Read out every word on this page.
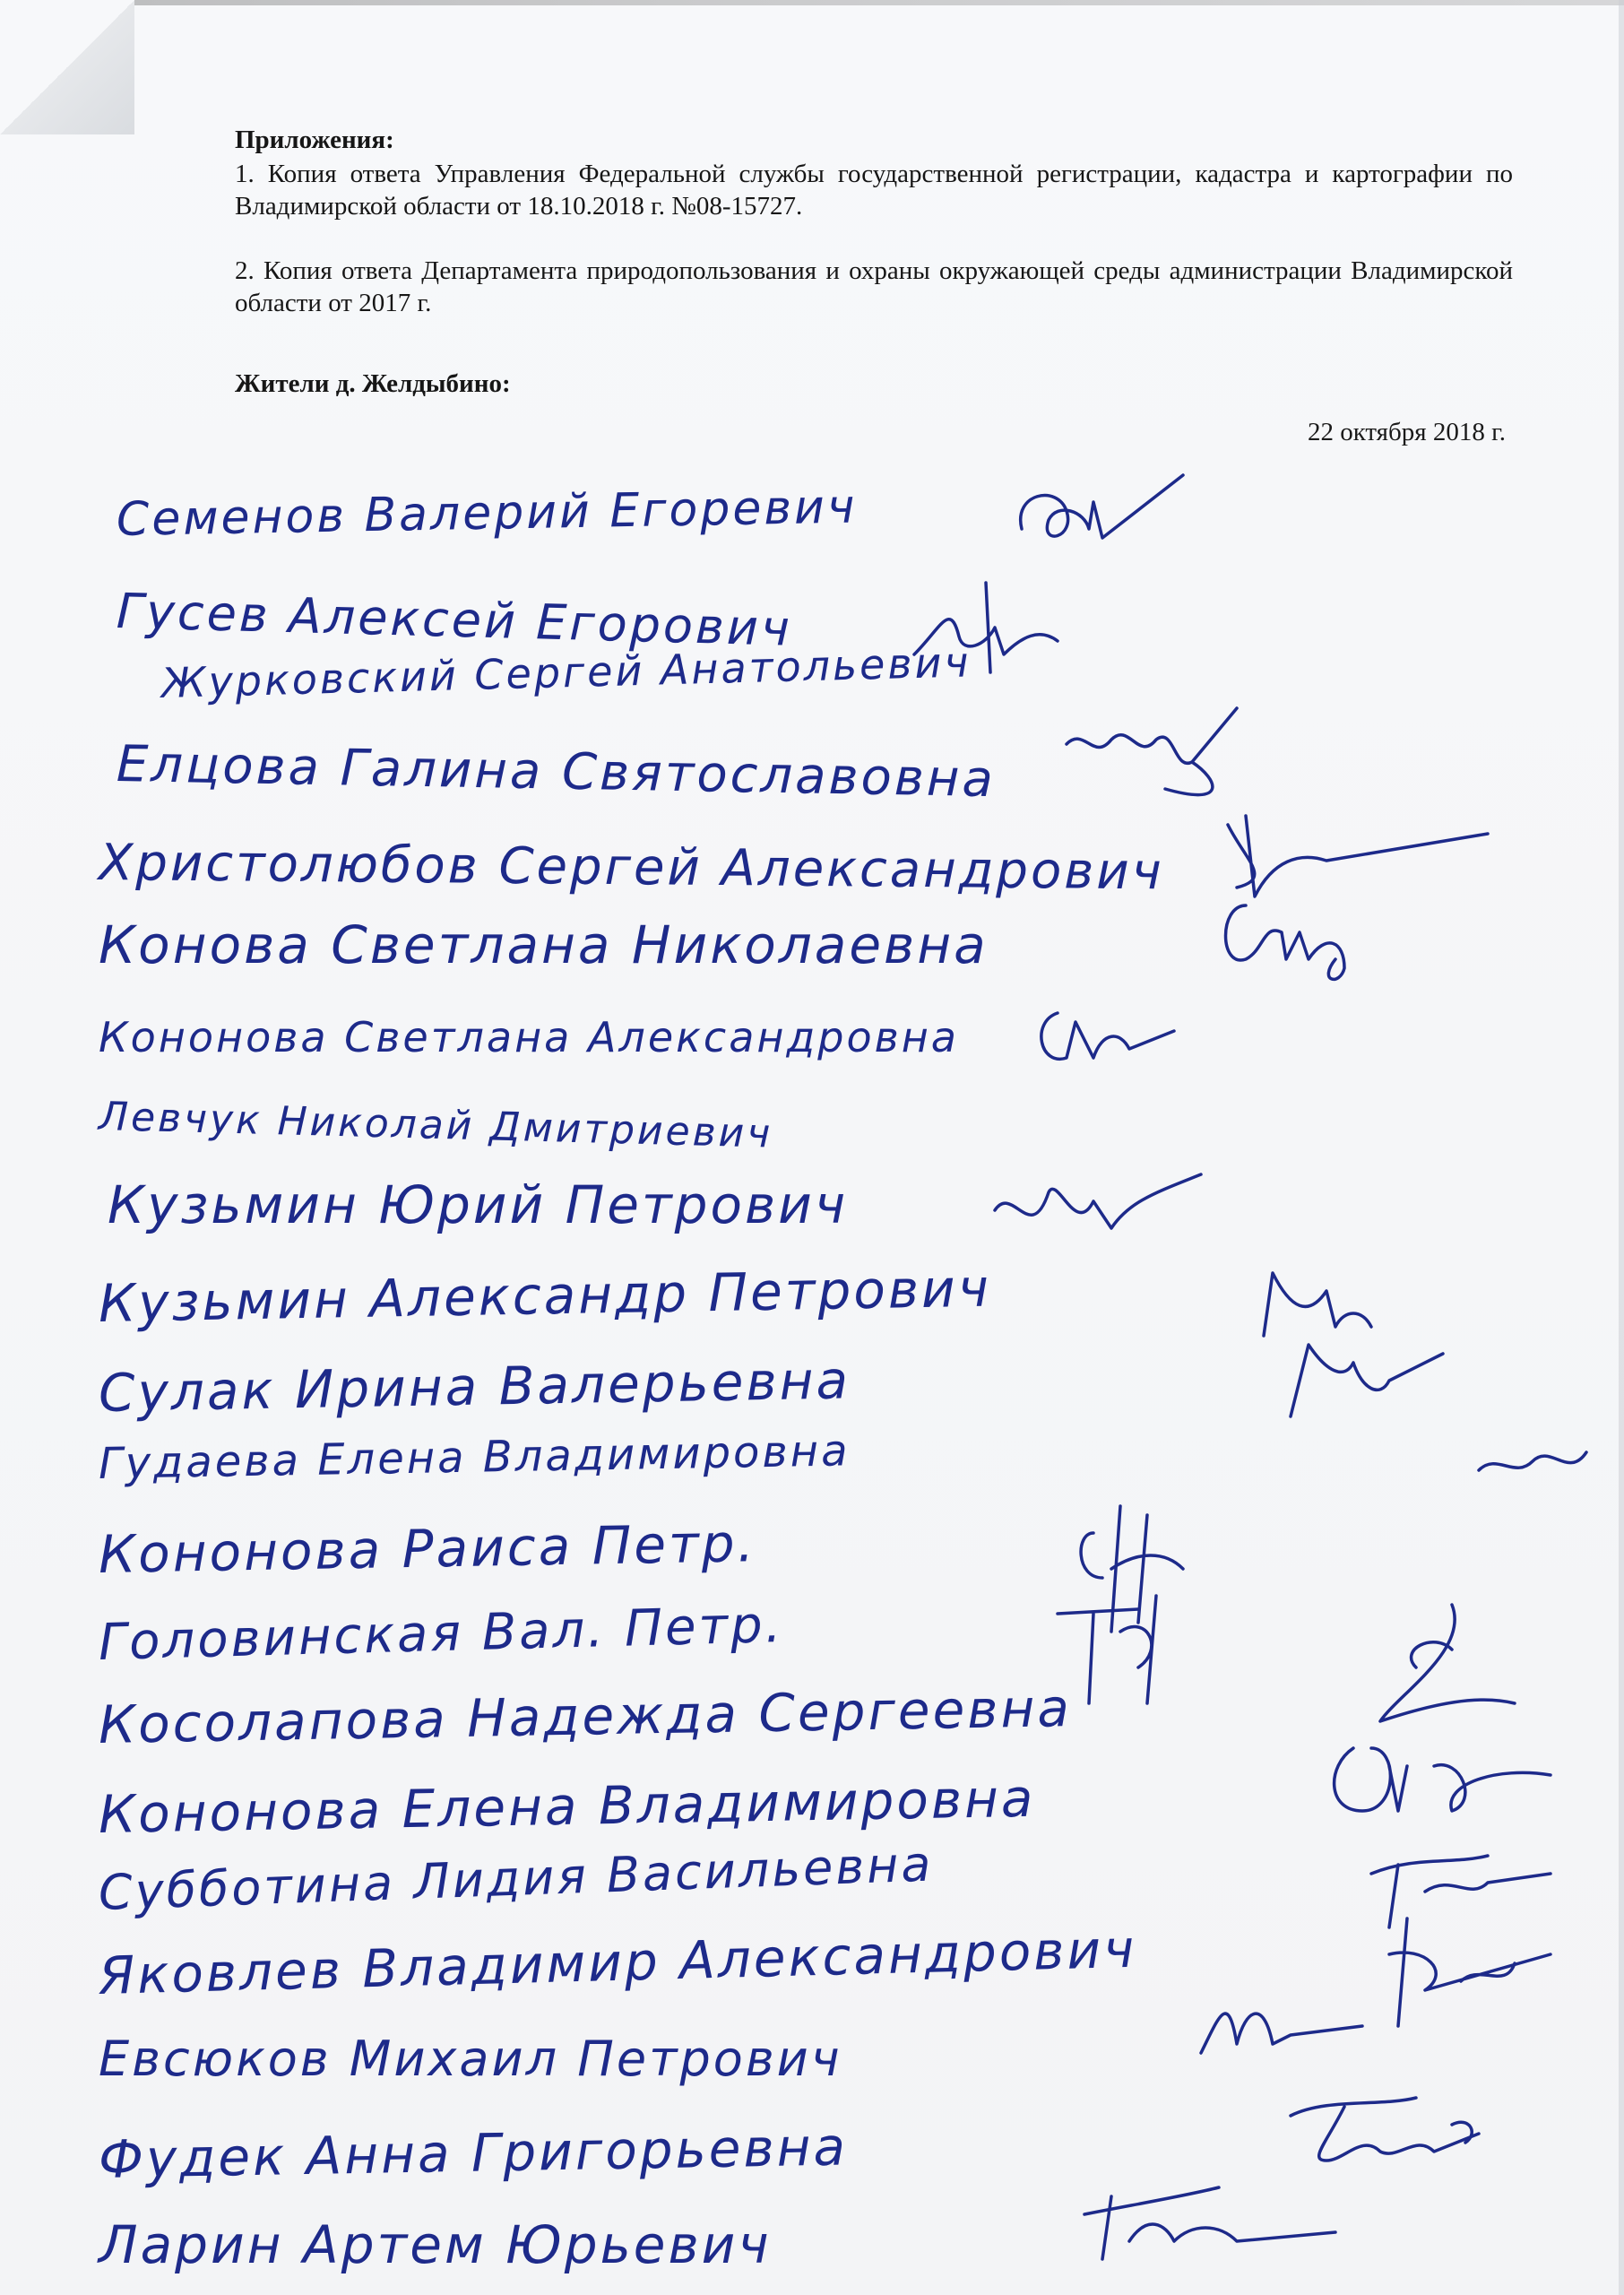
Приложения:
1. Копия ответа Управления Федеральной службы государственной регистрации, кадастра и картографии по Владимирской области от 18.10.2018 г. №08-15727.
2. Копия ответа Департамента природопользования и охраны окружающей среды администрации Владимирской области от 2017 г.
Жители д. Желдыбино:
22 октября 2018 г.
Семенов Валерий Егоревич
Гусев Алексей Егорович
Журковский Сергей Анатольевич
Елцова Галина Святославовна
Христолюбов Сергей Александрович
Конова Светлана Николаевна
Кононова Светлана Александровна
Левчук Николай Дмитриевич
Кузьмин Юрий Петрович
Кузьмин Александр Петрович
Сулак Ирина Валерьевна
Гудаева Елена Владимировна
Кононова Раиса Петр.
Головинская Вал. Петр.
Косолапова Надежда Сергеевна
Кононова Елена Владимировна
Субботина Лидия Васильевна
Яковлев Владимир Александрович
Евсюков Михаил Петрович
Фудек Анна Григорьевна
Ларин Артем Юрьевич
